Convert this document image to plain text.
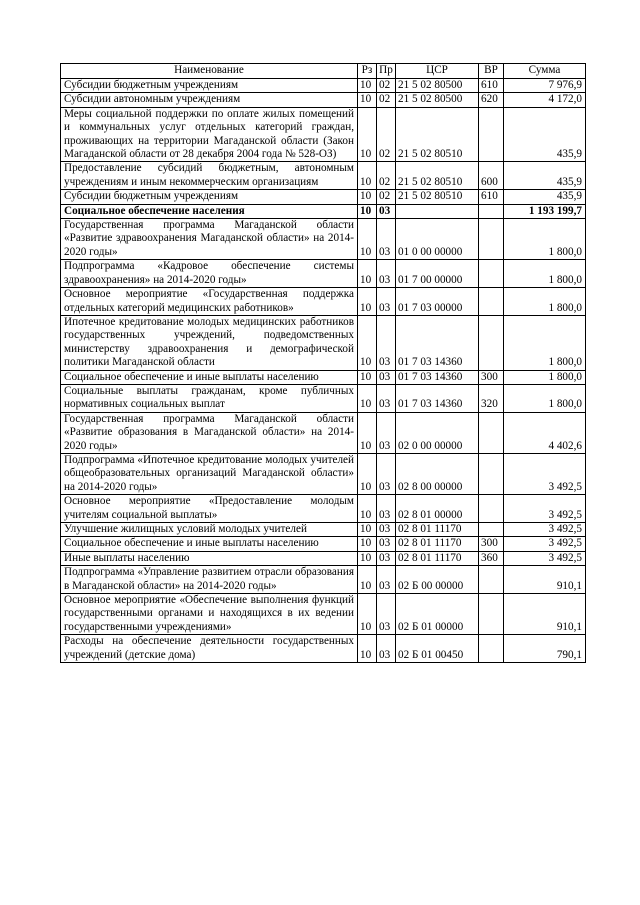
Наименование	Рз	Пр	ЦСР	ВР	Сумма
Субсидии бюджетным учреждениям	10	02	21 5 02 80500	610	7 976,9
Субсидии автономным учреждениям	10	02	21 5 02 80500	620	4 172,0
Меры социальной поддержки по оплате жилых помещений и коммунальных услуг отдельных категорий граждан, проживающих на территории Магаданской области (Закон Магаданской области от 28 декабря 2004 года № 528-ОЗ)	10	02	21 5 02 80510		435,9
Предоставление субсидий бюджетным, автономным учреждениям и иным некоммерческим организациям	10	02	21 5 02 80510	600	435,9
Субсидии бюджетным учреждениям	10	02	21 5 02 80510	610	435,9
Социальное обеспечение населения	10	03			1 193 199,7
Государственная программа Магаданской области «Развитие здравоохранения Магаданской области» на 2014-2020 годы»	10	03	01 0 00 00000		1 800,0
Подпрограмма «Кадровое обеспечение системы здравоохранения» на 2014-2020 годы»	10	03	01 7 00 00000		1 800,0
Основное мероприятие «Государственная поддержка отдельных категорий медицинских работников»	10	03	01 7 03 00000		1 800,0
Ипотечное кредитование молодых медицинских работников государственных учреждений, подведомственных министерству здравоохранения и демографической политики Магаданской области	10	03	01 7 03 14360		1 800,0
Социальное обеспечение и иные выплаты населению	10	03	01 7 03 14360	300	1 800,0
Социальные выплаты гражданам, кроме публичных нормативных социальных выплат	10	03	01 7 03 14360	320	1 800,0
Государственная программа Магаданской области «Развитие образования в Магаданской области» на 2014-2020 годы»	10	03	02 0 00 00000		4 402,6
Подпрограмма «Ипотечное кредитование молодых учителей общеобразовательных организаций Магаданской области» на 2014-2020 годы»	10	03	02 8 00 00000		3 492,5
Основное мероприятие «Предоставление молодым учителям социальной выплаты»	10	03	02 8 01 00000		3 492,5
Улучшение жилищных условий молодых учителей	10	03	02 8 01 11170		3 492,5
Социальное обеспечение и иные выплаты населению	10	03	02 8 01 11170	300	3 492,5
Иные выплаты населению	10	03	02 8 01 11170	360	3 492,5
Подпрограмма «Управление развитием отрасли образования в Магаданской области» на 2014-2020 годы»	10	03	02 Б 00 00000		910,1
Основное мероприятие «Обеспечение выполнения функций государственными органами и находящихся в их ведении государственными учреждениями»	10	03	02 Б 01 00000		910,1
Расходы на обеспечение деятельности государственных учреждений (детские дома)	10	03	02 Б 01 00450		790,1
